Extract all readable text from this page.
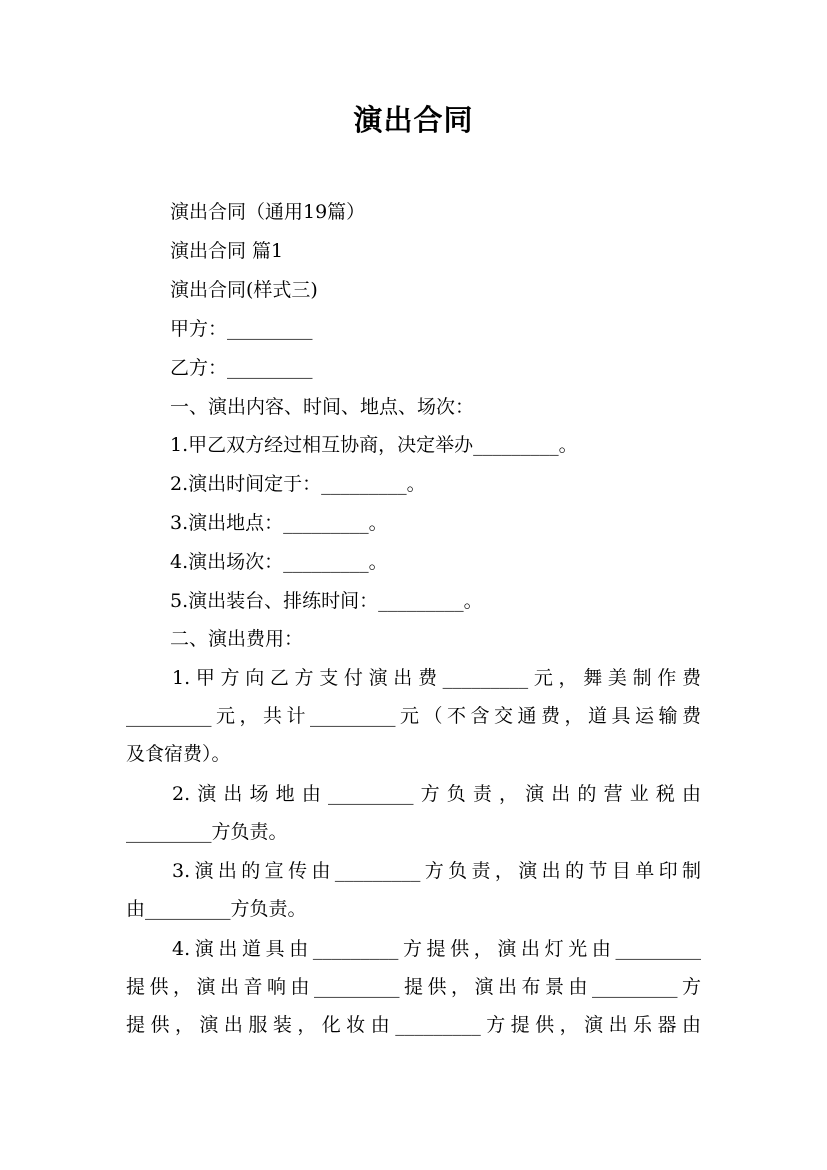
演出合同
演出合同（通用19篇）
演出合同 篇1
演出合同(样式三)
甲方：_________
乙方：_________
一、演出内容、时间、地点、场次：
1.甲乙双方经过相互协商，决定举办_________。
2.演出时间定于：_________。
3.演出地点：_________。
4.演出场次：_________。
5.演出装台、排练时间：_________。
二、演出费用：
1.甲方向乙方支付演出费_________元，舞美制作费
_________元，共计_________元（不含交通费，道具运输费
及食宿费）。
2.演出场地由_________方负责，演出的营业税由
_________方负责。
3.演出的宣传由_________方负责，演出的节目单印制
由_________方负责。
4.演出道具由_________方提供，演出灯光由_________
提供，演出音响由_________提供，演出布景由_________方
提供，演出服装，化妆由_________方提供，演出乐器由
